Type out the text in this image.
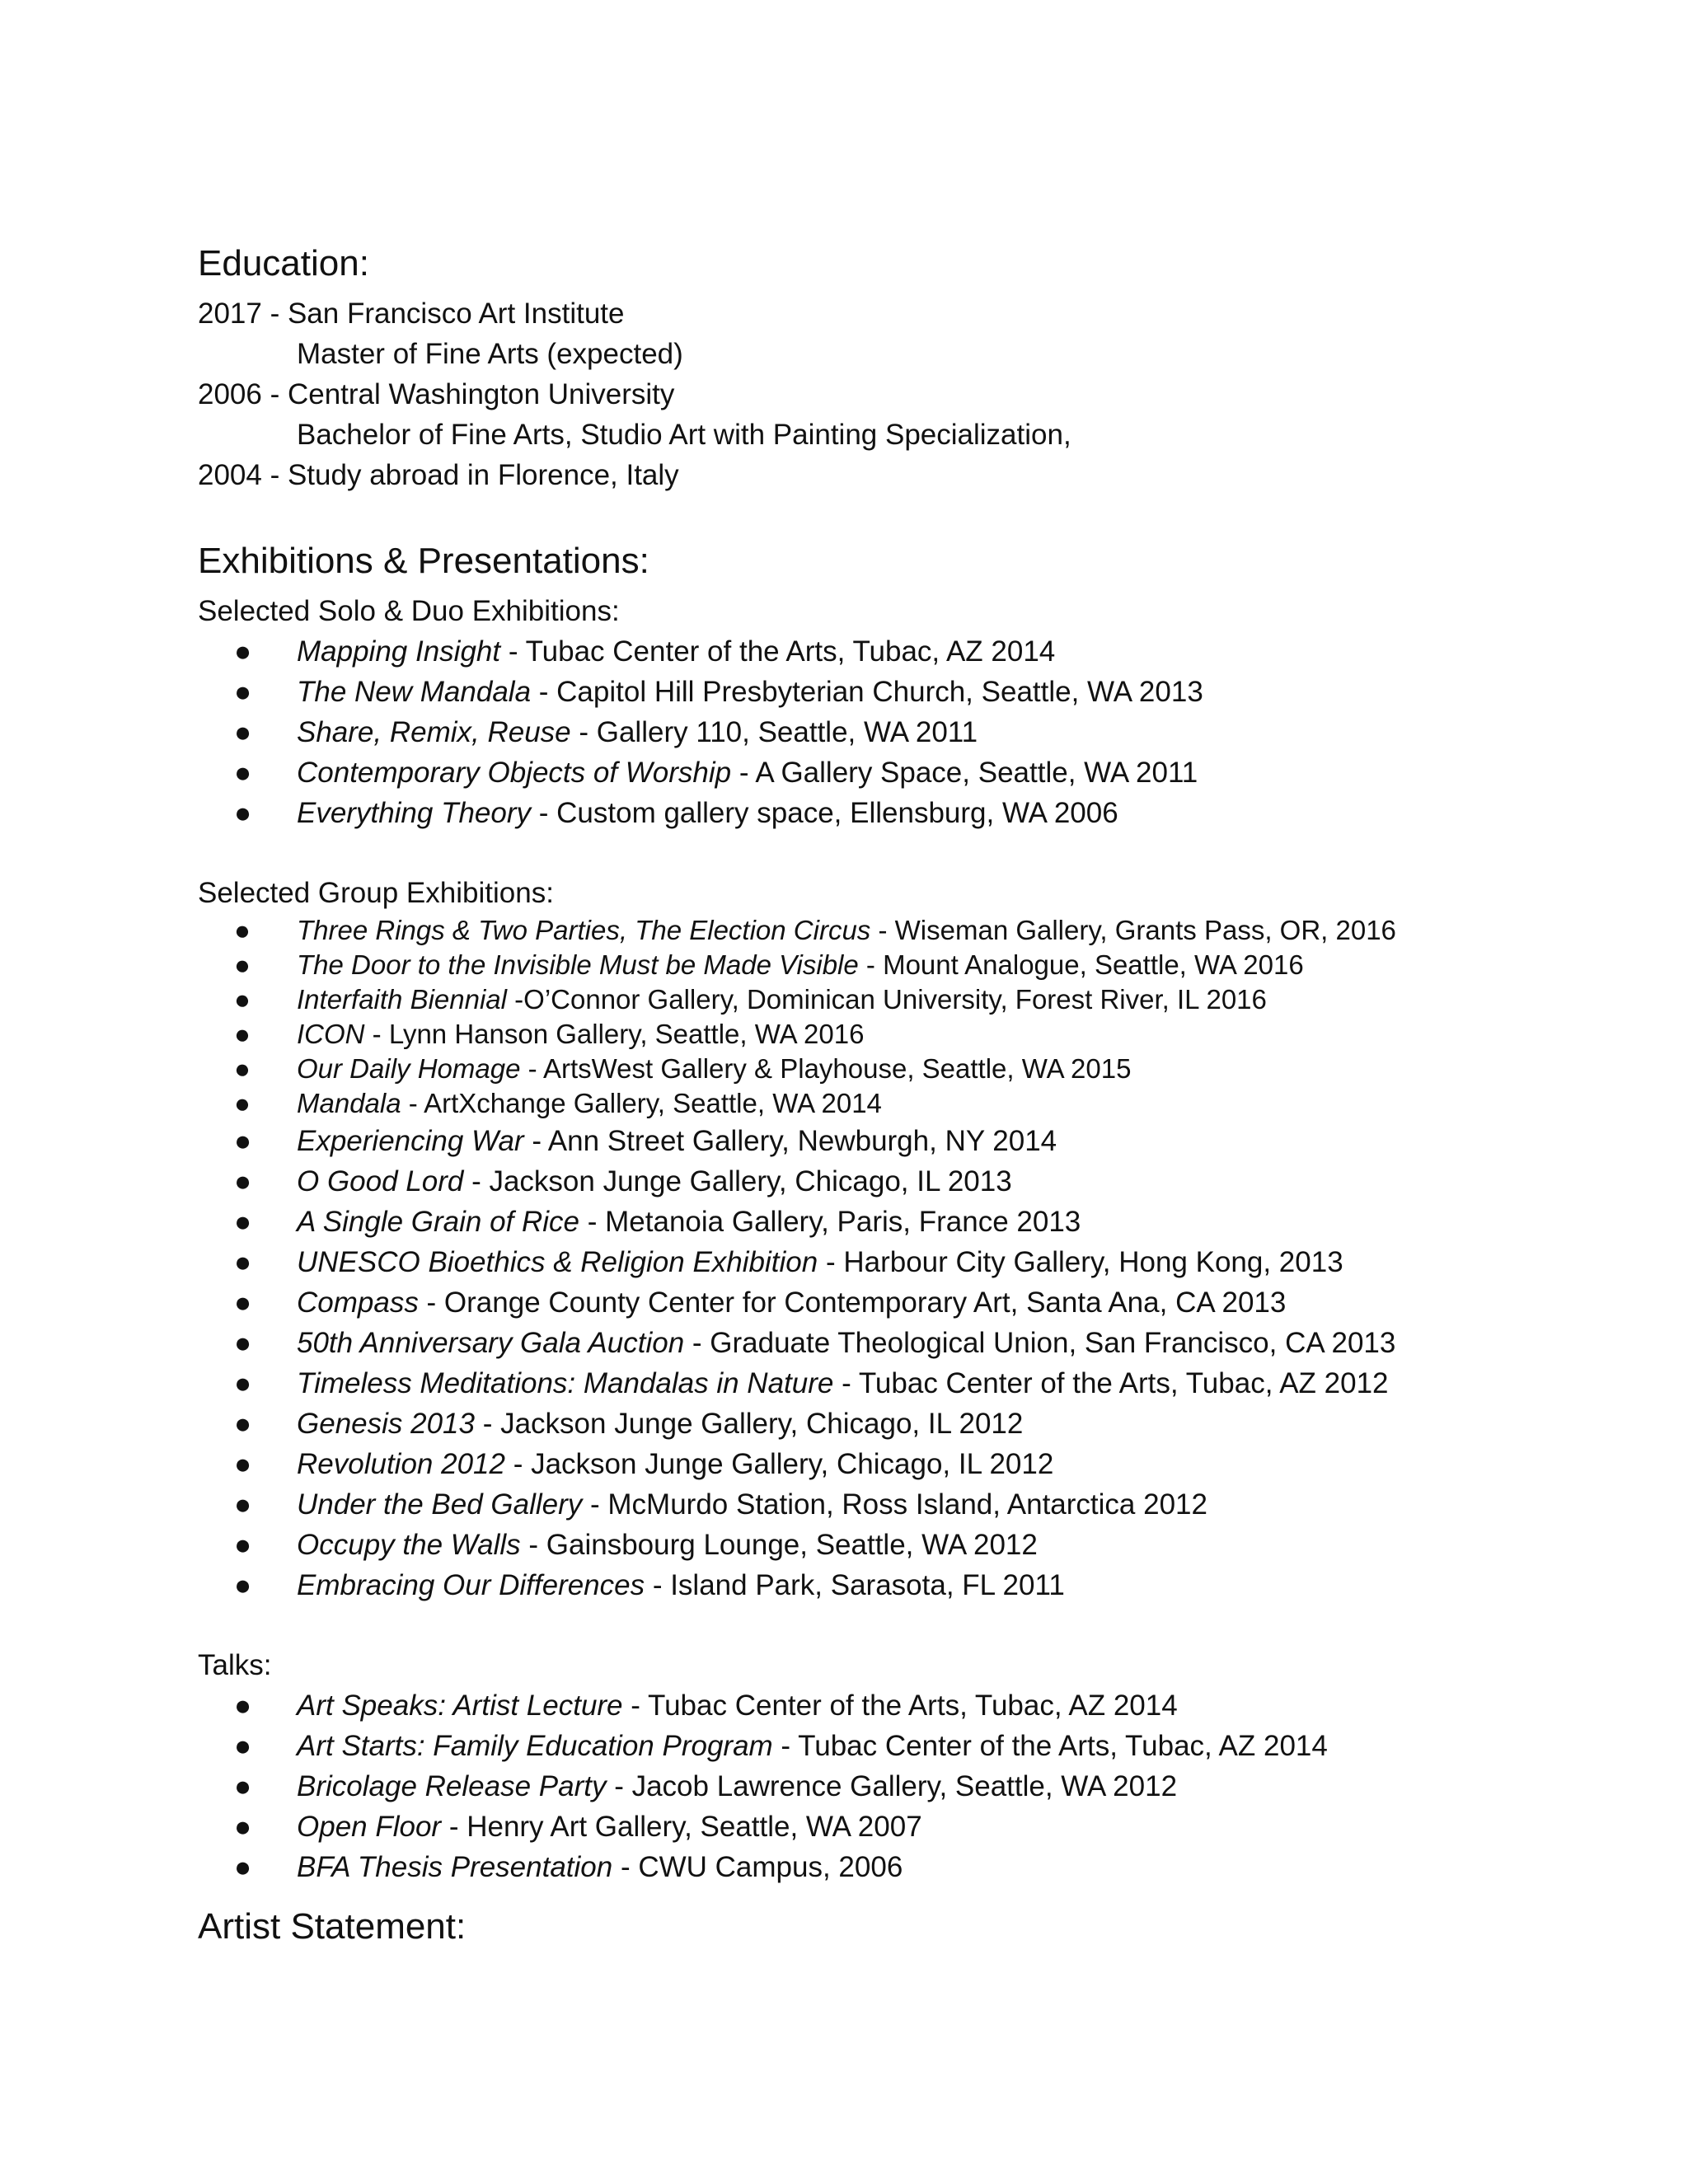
Education:
2017 - San Francisco Art Institute
Master of Fine Arts (expected)
2006 - Central Washington University
Bachelor of Fine Arts, Studio Art with Painting Specialization,
2004 - Study abroad in Florence, Italy
Exhibitions & Presentations:
Selected Solo & Duo Exhibitions:
● Mapping Insight - Tubac Center of the Arts, Tubac, AZ 2014
● The New Mandala - Capitol Hill Presbyterian Church, Seattle, WA 2013
● Share, Remix, Reuse - Gallery 110, Seattle, WA 2011
● Contemporary Objects of Worship - A Gallery Space, Seattle, WA 2011
● Everything Theory - Custom gallery space, Ellensburg, WA 2006
Selected Group Exhibitions:
● Three Rings & Two Parties, The Election Circus - Wiseman Gallery, Grants Pass, OR, 2016
● The Door to the Invisible Must be Made Visible - Mount Analogue, Seattle, WA 2016
● Interfaith Biennial -O’Connor Gallery, Dominican University, Forest River, IL 2016
● ICON - Lynn Hanson Gallery, Seattle, WA 2016
● Our Daily Homage - ArtsWest Gallery & Playhouse, Seattle, WA 2015
● Mandala - ArtXchange Gallery, Seattle, WA 2014
● Experiencing War - Ann Street Gallery, Newburgh, NY 2014
● O Good Lord - Jackson Junge Gallery, Chicago, IL 2013
● A Single Grain of Rice - Metanoia Gallery, Paris, France 2013
● UNESCO Bioethics & Religion Exhibition - Harbour City Gallery, Hong Kong, 2013
● Compass - Orange County Center for Contemporary Art, Santa Ana, CA 2013
● 50th Anniversary Gala Auction - Graduate Theological Union, San Francisco, CA 2013
● Timeless Meditations: Mandalas in Nature - Tubac Center of the Arts, Tubac, AZ 2012
● Genesis 2013 - Jackson Junge Gallery, Chicago, IL 2012
● Revolution 2012 - Jackson Junge Gallery, Chicago, IL 2012
● Under the Bed Gallery - McMurdo Station, Ross Island, Antarctica 2012
● Occupy the Walls - Gainsbourg Lounge, Seattle, WA 2012
● Embracing Our Differences - Island Park, Sarasota, FL 2011
Talks:
● Art Speaks: Artist Lecture - Tubac Center of the Arts, Tubac, AZ 2014
● Art Starts: Family Education Program - Tubac Center of the Arts, Tubac, AZ 2014
● Bricolage Release Party - Jacob Lawrence Gallery, Seattle, WA 2012
● Open Floor - Henry Art Gallery, Seattle, WA 2007
● BFA Thesis Presentation - CWU Campus, 2006
Artist Statement:
